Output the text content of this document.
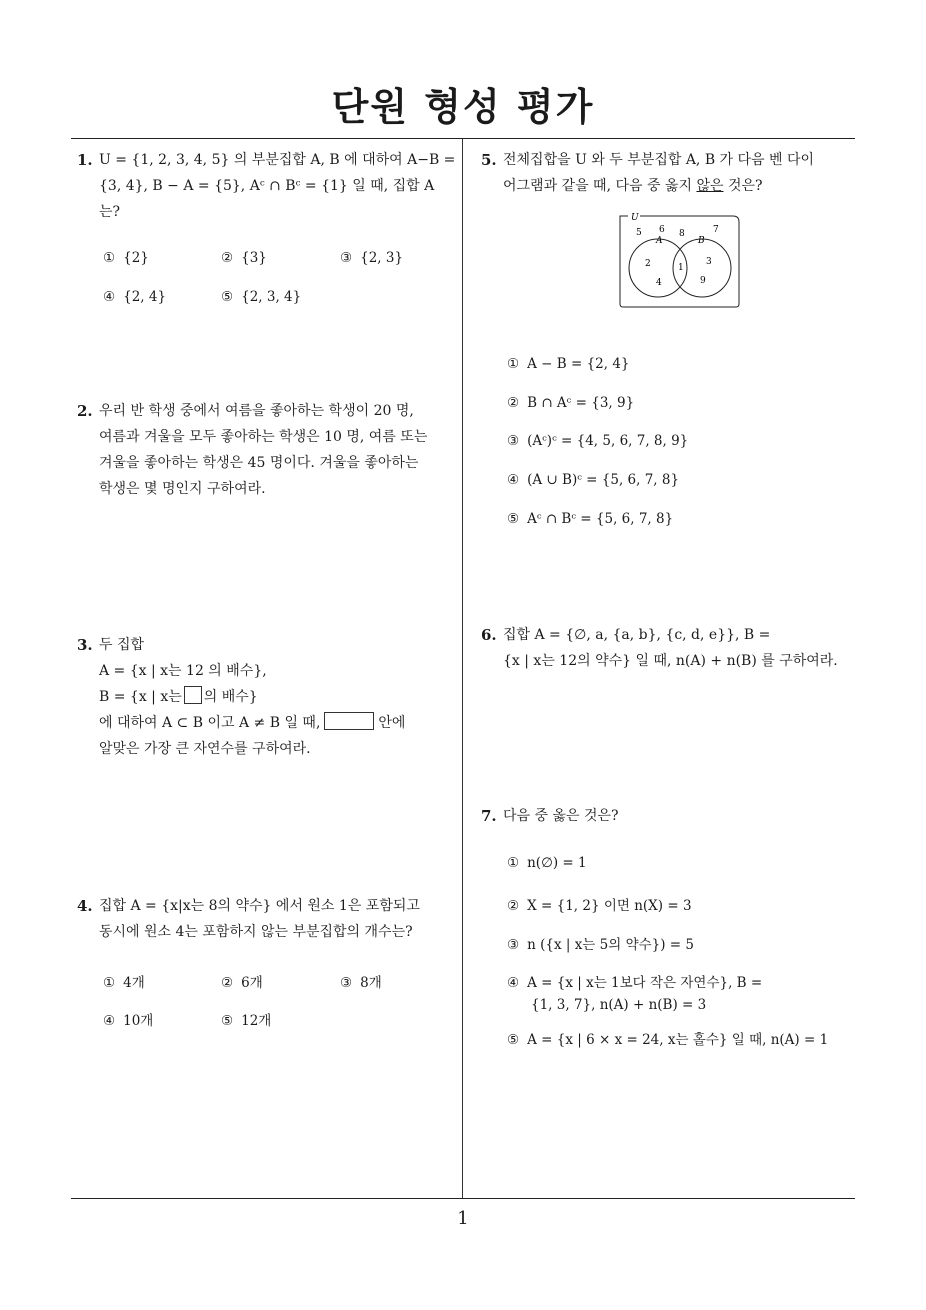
단원 형성 평가
1
1. U = {1, 2, 3, 4, 5} 의 부분집합 A, B 에 대하여 A−B =
{3, 4}, B − A = {5}, Aᶜ ∩ Bᶜ = {1} 일 때, 집합 A
는?
① {2}	② {3}	③ {2, 3}
④ {2, 4}	⑤ {2, 3, 4}
2. 우리 반 학생 중에서 여름을 좋아하는 학생이 20 명,
여름과 겨울을 모두 좋아하는 학생은 10 명, 여름 또는
겨울을 좋아하는 학생은 45 명이다. 겨울을 좋아하는
학생은 몇 명인지 구하여라.
3. 두 집합
A = {x | x는 12 의 배수},
B = {x | x는 의 배수}
에 대하여 A ⊂ B 이고 A ≠ B 일 때,	안에
알맞은 가장 큰 자연수를 구하여라.
4. 집합 A = {x|x는 8의 약수} 에서 원소 1은 포함되고
동시에 원소 4는 포함하지 않는 부분집합의 개수는?
① 4개	② 6개	③ 8개
④ 10개	⑤ 12개
5. 전체집합을 U 와 두 부분집합 A, B 가 다음 벤 다이
어그램과 같을 때, 다음 중 옳지 않은 것은?
U
A	B
5 6 8	7
2
4
1
3
9
① A − B = {2, 4}
② B ∩ Aᶜ = {3, 9}
③ (Aᶜ)ᶜ = {4, 5, 6, 7, 8, 9}
④ (A ∪ B)ᶜ = {5, 6, 7, 8}
⑤ Aᶜ ∩ Bᶜ = {5, 6, 7, 8}
6. 집합 A = {∅, a, {a, b}, {c, d, e}}, B =
{x | x는 12의 약수} 일 때, n(A) + n(B) 를 구하여라.
7. 다음 중 옳은 것은?
① n(∅) = 1
② X = {1, 2} 이면 n(X) = 3
③ n ({x | x는 5의 약수}) = 5
④ A = {x | x는 1보다 작은 자연수}, B =
{1, 3, 7}, n(A) + n(B) = 3
⑤ A = {x | 6 × x = 24, x는 홀수} 일 때, n(A) = 1
